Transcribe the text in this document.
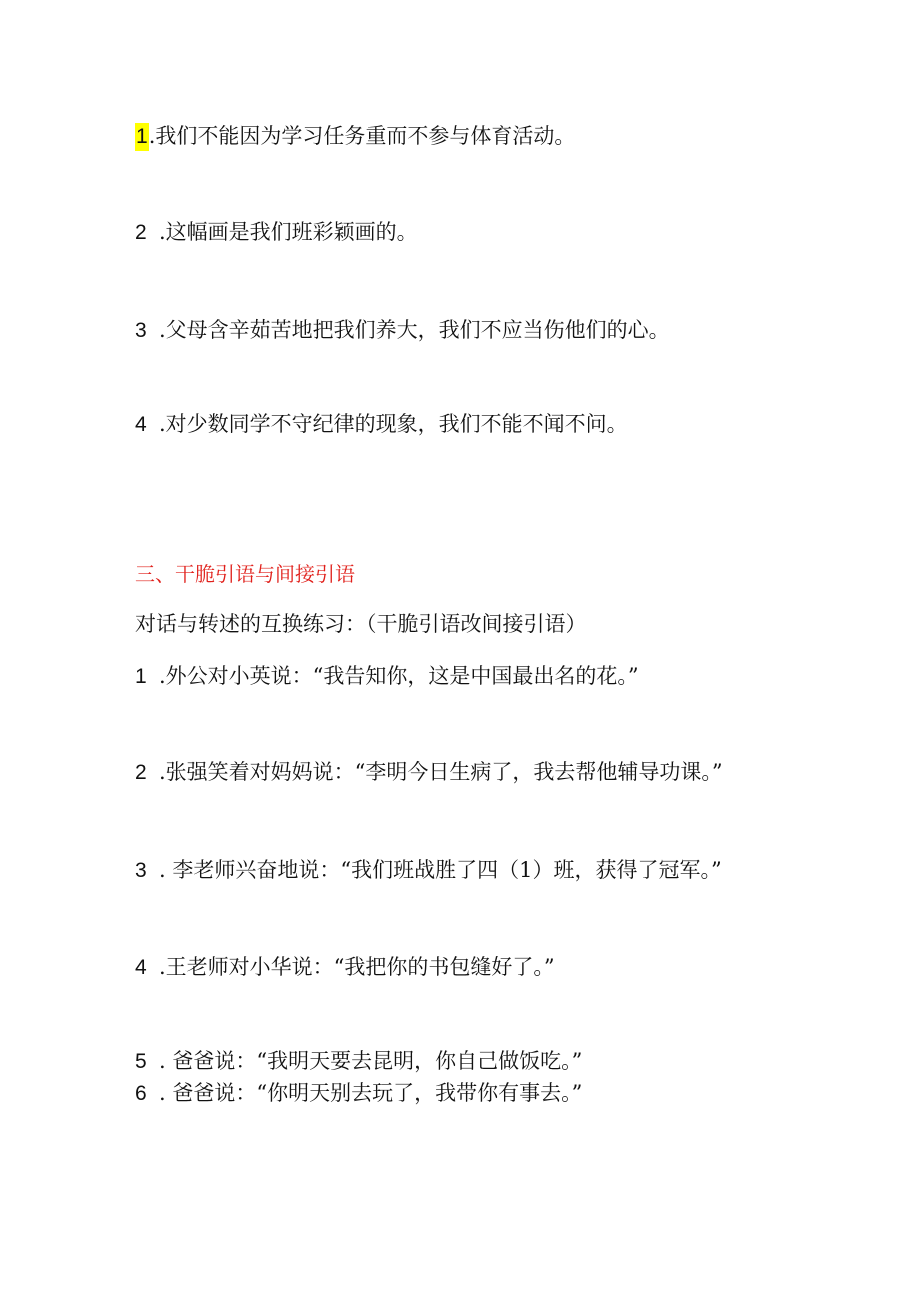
1.我们不能因为学习任务重而不参与体育活动。
2 .这幅画是我们班彩颖画的。
3 .父母含辛茹苦地把我们养大，我们不应当伤他们的心。
4 .对少数同学不守纪律的现象，我们不能不闻不问。
三、干脆引语与间接引语
对话与转述的互换练习：（干脆引语改间接引语）
1 .外公对小英说：“我告知你，这是中国最出名的花。”
2 .张强笑着对妈妈说：“李明今日生病了，我去帮他辅导功课。”
3 . 李老师兴奋地说：“我们班战胜了四（1）班，获得了冠军。”
4 .王老师对小华说：“我把你的书包缝好了。”
5 . 爸爸说：“我明天要去昆明，你自己做饭吃。”
6 . 爸爸说：“你明天别去玩了，我带你有事去。”
